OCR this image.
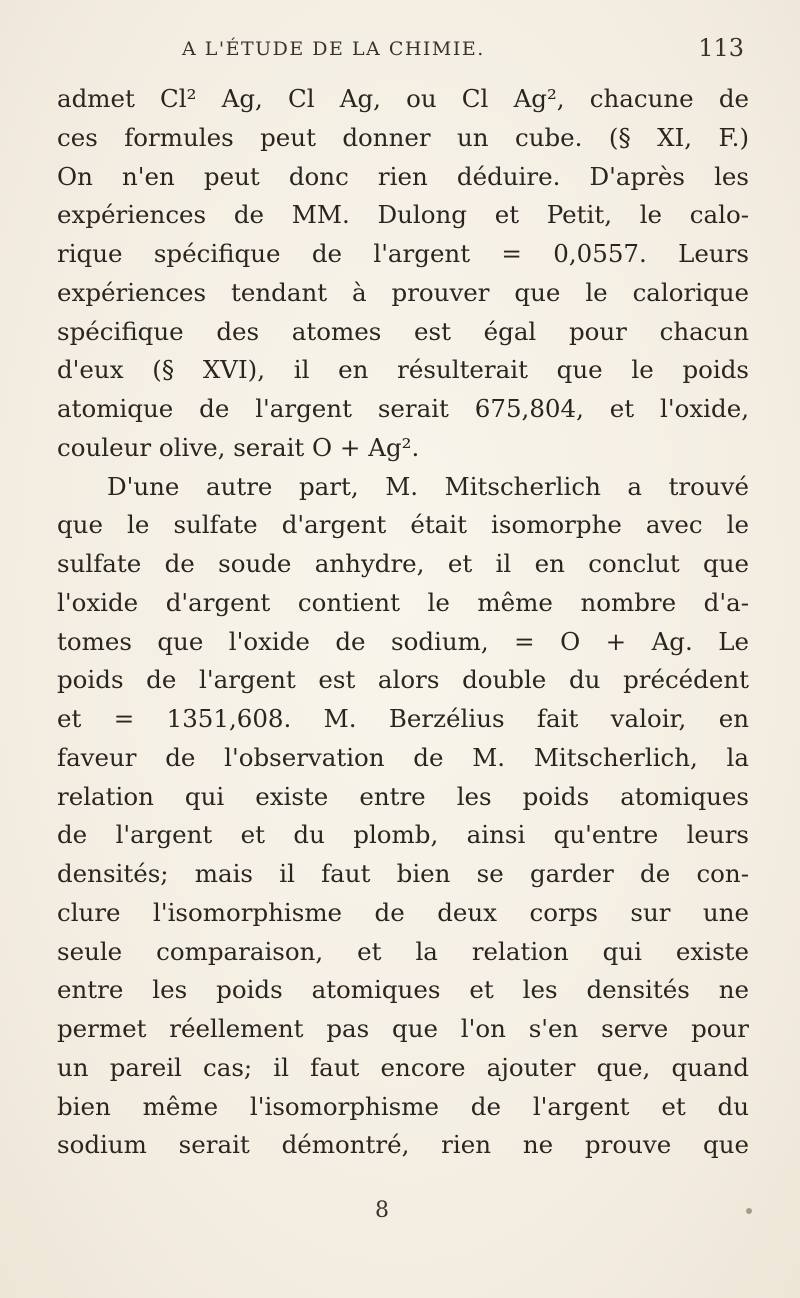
A L'ÉTUDE DE LA CHIMIE.	113
admet Cl² Ag, Cl Ag, ou Cl Ag², chacune de
ces formules peut donner un cube. (§ XI, F.)
On n'en peut donc rien déduire. D'après les
expériences de MM. Dulong et Petit, le calo-
rique spécifique de l'argent = 0,0557. Leurs
expériences tendant à prouver que le calorique
spécifique des atomes est égal pour chacun
d'eux (§ XVI), il en résulterait que le poids
atomique de l'argent serait 675,804, et l'oxide,
couleur olive, serait O + Ag².
D'une autre part, M. Mitscherlich a trouvé
que le sulfate d'argent était isomorphe avec le
sulfate de soude anhydre, et il en conclut que
l'oxide d'argent contient le même nombre d'a-
tomes que l'oxide de sodium, = O + Ag. Le
poids de l'argent est alors double du précédent
et = 1351,608. M. Berzélius fait valoir, en
faveur de l'observation de M. Mitscherlich, la
relation qui existe entre les poids atomiques
de l'argent et du plomb, ainsi qu'entre leurs
densités; mais il faut bien se garder de con-
clure l'isomorphisme de deux corps sur une
seule comparaison, et la relation qui existe
entre les poids atomiques et les densités ne
permet réellement pas que l'on s'en serve pour
un pareil cas; il faut encore ajouter que, quand
bien même l'isomorphisme de l'argent et du
sodium serait démontré, rien ne prouve que
8
